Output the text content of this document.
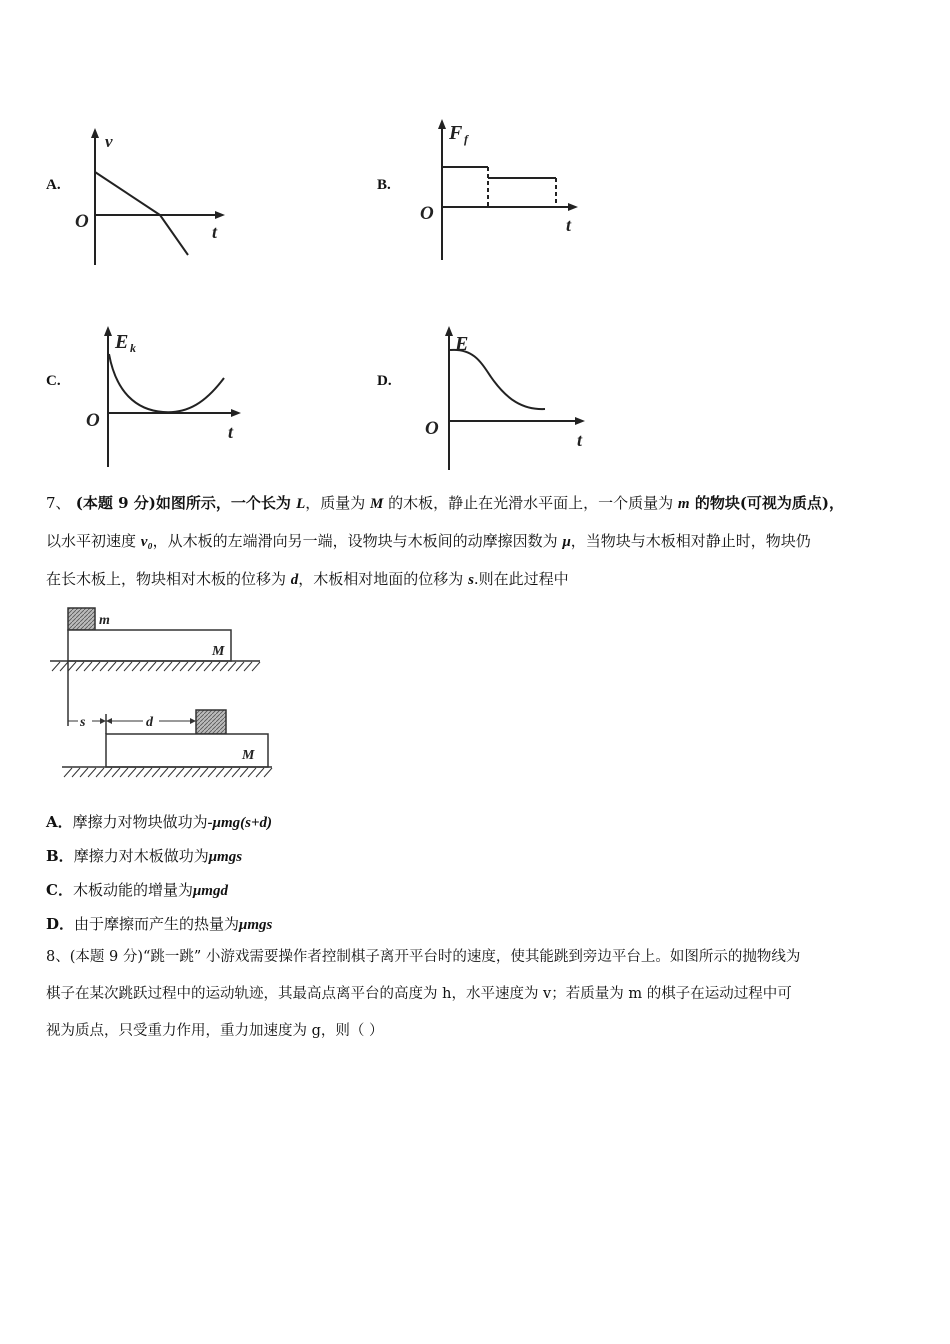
A.
v
O	t
B.
F f
O
t
C.
E k
O
t
D.
E
O
t
7、 (本题 9 分)如图所示，一个长为 L，质量为 M 的木板，静止在光滑水平面上，一个质量为 m 的物块(可视为质点)，
以水平初速度 v₀，从木板的左端滑向另一端，设物块与木板间的动摩擦因数为 μ，当物块与木板相对静止时，物块仍
在长木板上，物块相对木板的位移为 d，木板相对地面的位移为 s.则在此过程中
m
M
s	d
M
A．摩擦力对物块做功为-μmg(s+d)
B．摩擦力对木板做功为μmgs
C．木板动能的增量为μmgd
D．由于摩擦而产生的热量为μmgs
8、(本题 9 分)“跳一跳” 小游戏需要操作者控制棋子离开平台时的速度，使其能跳到旁边平台上。如图所示的抛物线为
棋子在某次跳跃过程中的运动轨迹，其最高点离平台的高度为 h，水平速度为 v；若质量为 m 的棋子在运动过程中可
视为质点，只受重力作用，重力加速度为 g，则（ ）
